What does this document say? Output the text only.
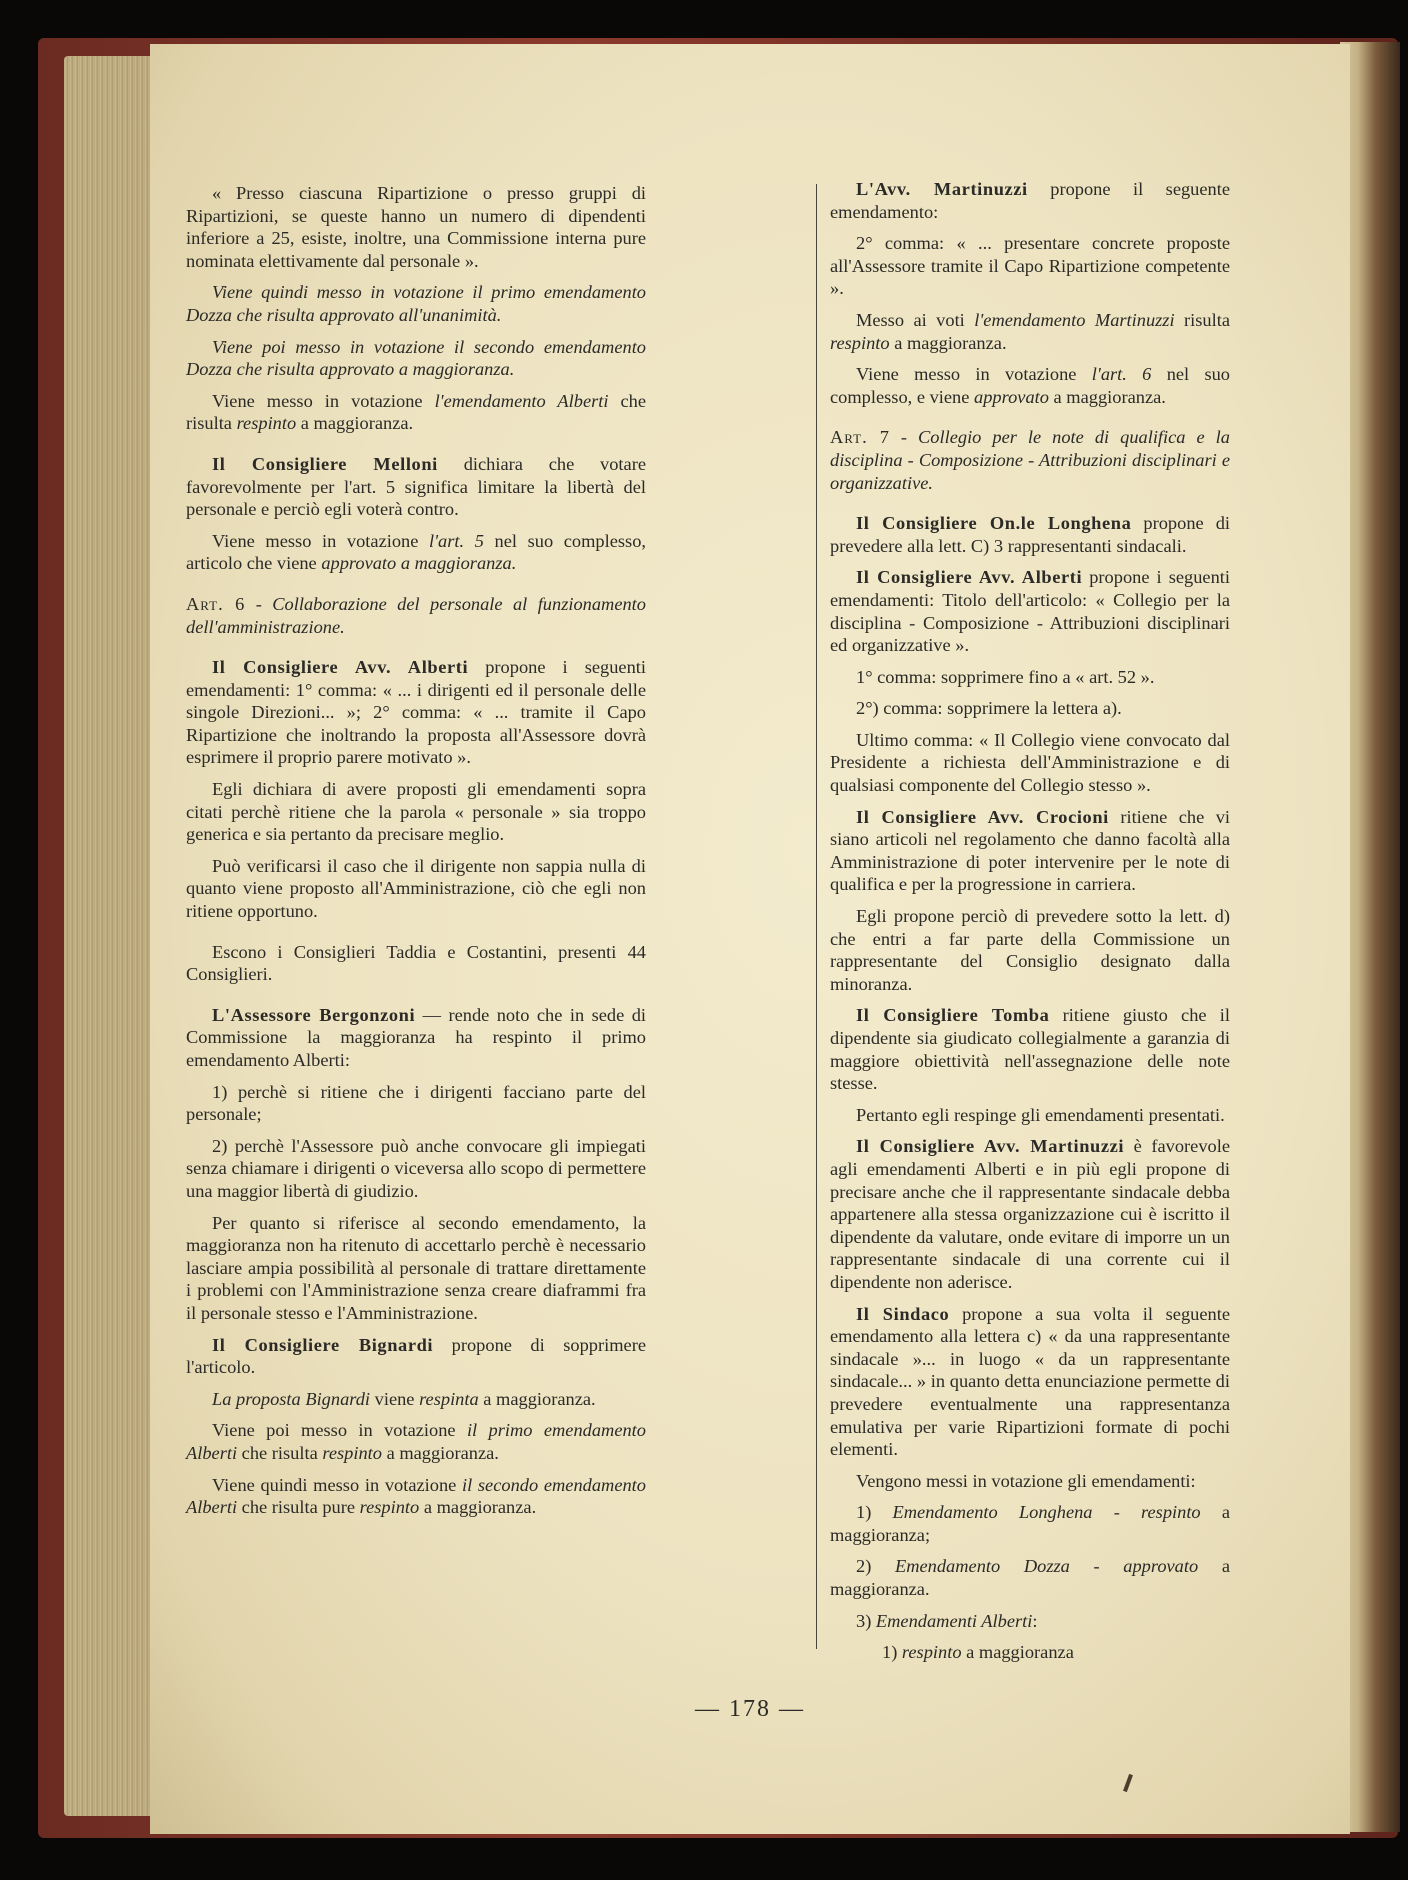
« Presso ciascuna Ripartizione o presso gruppi di Ripartizioni, se queste hanno un numero di dipendenti inferiore a 25, esiste, inoltre, una Commissione interna pure nominata elettivamente dal personale ».

Viene quindi messo in votazione il primo emendamento Dozza che risulta approvato all'unanimità.

Viene poi messo in votazione il secondo emendamento Dozza che risulta approvato a maggioranza.

Viene messo in votazione l'emendamento Alberti che risulta respinto a maggioranza.

Il Consigliere Melloni dichiara che votare favorevolmente per l'art. 5 significa limitare la libertà del personale e perciò egli voterà contro.

Viene messo in votazione l'art. 5 nel suo complesso, articolo che viene approvato a maggioranza.

Art. 6 - Collaborazione del personale al funzionamento dell'amministrazione.

Il Consigliere Avv. Alberti propone i seguenti emendamenti: 1° comma: « ... i dirigenti ed il personale delle singole Direzioni... »; 2° comma: « ... tramite il Capo Ripartizione che inoltrando la proposta all'Assessore dovrà esprimere il proprio parere motivato ».

Egli dichiara di avere proposti gli emendamenti sopra citati perchè ritiene che la parola « personale » sia troppo generica e sia pertanto da precisare meglio.

Può verificarsi il caso che il dirigente non sappia nulla di quanto viene proposto all'Amministrazione, ciò che egli non ritiene opportuno.

Escono i Consiglieri Taddia e Costantini, presenti 44 Consiglieri.

L'Assessore Bergonzoni — rende noto che in sede di Commissione la maggioranza ha respinto il primo emendamento Alberti:

1) perchè si ritiene che i dirigenti facciano parte del personale;

2) perchè l'Assessore può anche convocare gli impiegati senza chiamare i dirigenti o viceversa allo scopo di permettere una maggior libertà di giudizio.

Per quanto si riferisce al secondo emendamento, la maggioranza non ha ritenuto di accettarlo perchè è necessario lasciare ampia possibilità al personale di trattare direttamente i problemi con l'Amministrazione senza creare diaframmi fra il personale stesso e l'Amministrazione.

Il Consigliere Bignardi propone di sopprimere l'articolo.

La proposta Bignardi viene respinta a maggioranza.

Viene poi messo in votazione il primo emendamento Alberti che risulta respinto a maggioranza.

Viene quindi messo in votazione il secondo emendamento Alberti che risulta pure respinto a maggioranza.

L'Avv. Martinuzzi propone il seguente emendamento:

2° comma: « ... presentare concrete proposte all'Assessore tramite il Capo Ripartizione competente ».

Messo ai voti l'emendamento Martinuzzi risulta respinto a maggioranza.

Viene messo in votazione l'art. 6 nel suo complesso, e viene approvato a maggioranza.

Art. 7 - Collegio per le note di qualifica e la disciplina - Composizione - Attribuzioni disciplinari e organizzative.

Il Consigliere On.le Longhena propone di prevedere alla lett. C) 3 rappresentanti sindacali.

Il Consigliere Avv. Alberti propone i seguenti emendamenti: Titolo dell'articolo: « Collegio per la disciplina - Composizione - Attribuzioni disciplinari ed organizzative ».

1° comma: sopprimere fino a « art. 52 ».

2°) comma: sopprimere la lettera a).

Ultimo comma: « Il Collegio viene convocato dal Presidente a richiesta dell'Amministrazione e di qualsiasi componente del Collegio stesso ».

Il Consigliere Avv. Crocioni ritiene che vi siano articoli nel regolamento che danno facoltà alla Amministrazione di poter intervenire per le note di qualifica e per la progressione in carriera.

Egli propone perciò di prevedere sotto la lett. d) che entri a far parte della Commissione un rappresentante del Consiglio designato dalla minoranza.

Il Consigliere Tomba ritiene giusto che il dipendente sia giudicato collegialmente a garanzia di maggiore obiettività nell'assegnazione delle note stesse.

Pertanto egli respinge gli emendamenti presentati.

Il Consigliere Avv. Martinuzzi è favorevole agli emendamenti Alberti e in più egli propone di precisare anche che il rappresentante sindacale debba appartenere alla stessa organizzazione cui è iscritto il dipendente da valutare, onde evitare di imporre un un rappresentante sindacale di una corrente cui il dipendente non aderisce.

Il Sindaco propone a sua volta il seguente emendamento alla lettera c) « da una rappresentante sindacale »... in luogo « da un rappresentante sindacale... » in quanto detta enunciazione permette di prevedere eventualmente una rappresentanza emulativa per varie Ripartizioni formate di pochi elementi.

Vengono messi in votazione gli emendamenti:

1) Emendamento Longhena - respinto a maggioranza;

2) Emendamento Dozza - approvato a maggioranza.

3) Emendamenti Alberti:

1) respinto a maggioranza

— 178 —
